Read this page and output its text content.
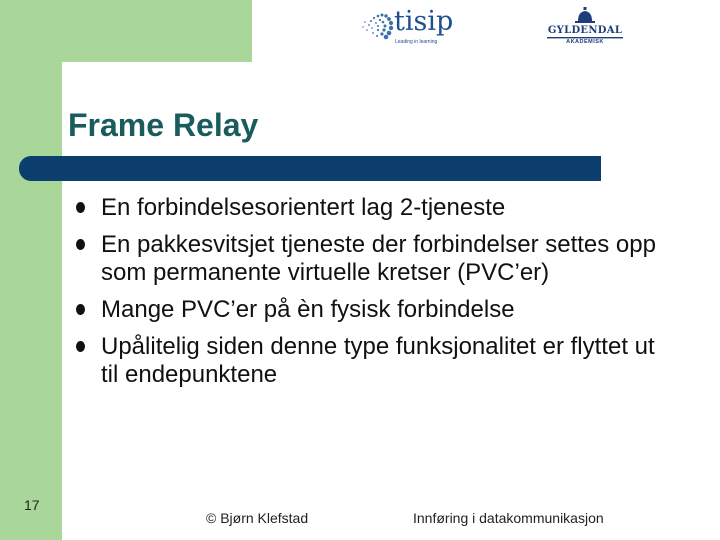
tisip
Leading in learning
GYLDENDAL
AKADEMISK
Frame Relay
En forbindelsesorientert lag 2-tjeneste
En pakkesvitsjet tjeneste der forbindelser settes opp som permanente virtuelle kretser (PVC’er)
Mange PVC’er på èn fysisk forbindelse
Upålitelig siden denne type funksjonalitet er flyttet ut til endepunktene
17
© Bjørn Klefstad	Innføring i datakommunikasjon
